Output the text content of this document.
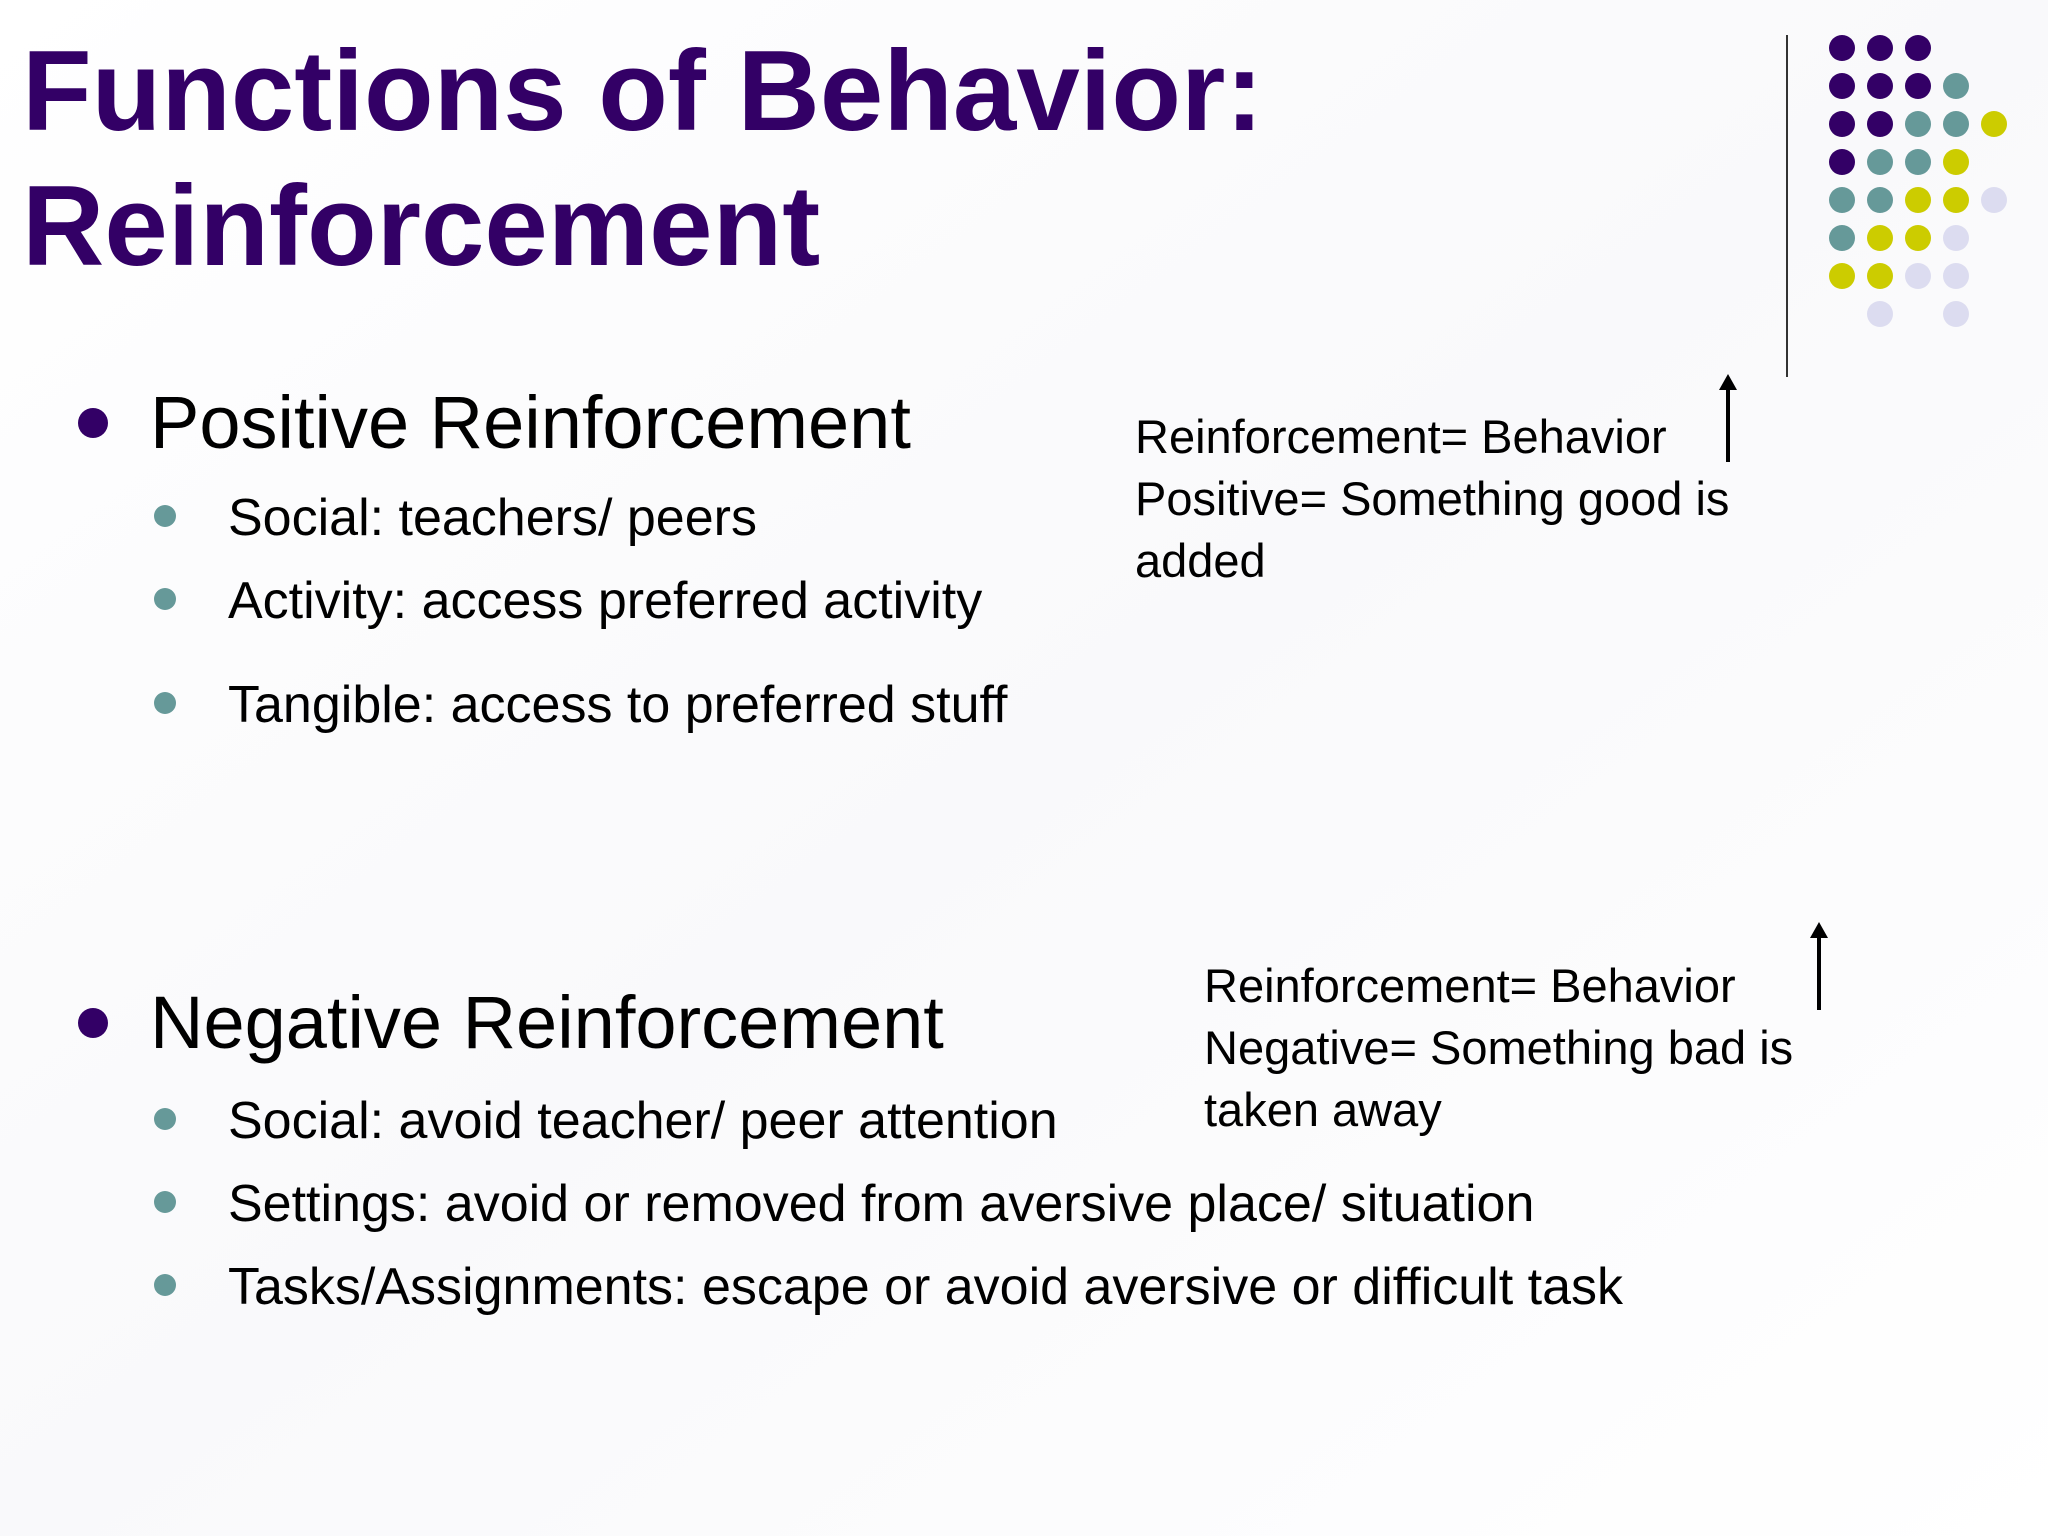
Functions of Behavior:
Reinforcement
Positive Reinforcement
Social: teachers/ peers
Activity: access preferred activity
Tangible: access to preferred stuff
Reinforcement= Behavior
Positive= Something good is
added
Negative Reinforcement
Social: avoid teacher/ peer attention
Settings: avoid or removed from aversive place/ situation
Tasks/Assignments: escape or avoid aversive or difficult task
Reinforcement= Behavior
Negative= Something bad is
taken away
